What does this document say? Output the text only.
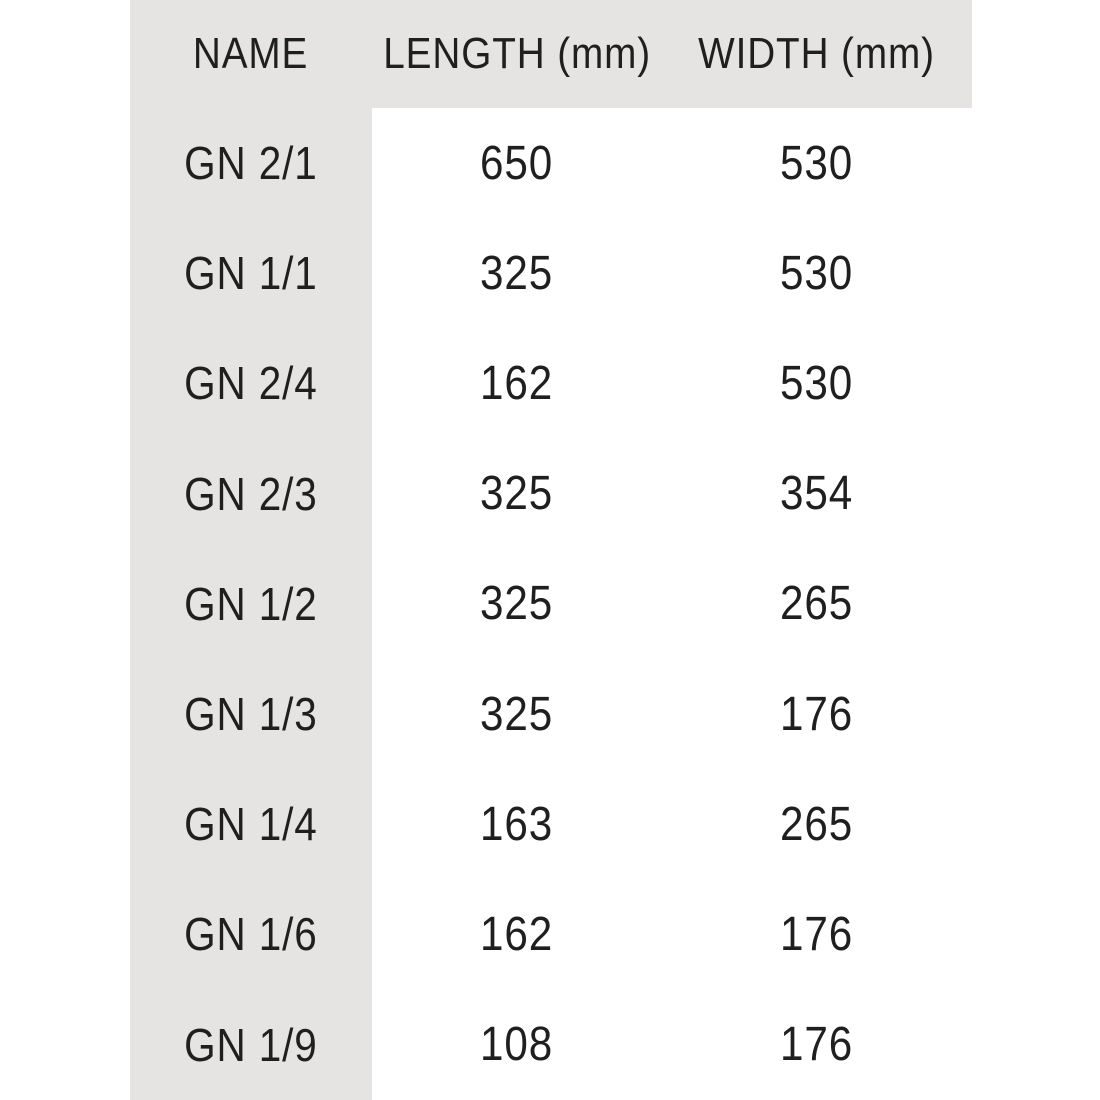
NAME LENGTH (mm) WIDTH (mm)
GN 2/1	650	530
GN 1/1	325	530
GN 2/4	162	530
GN 2/3	325	354
GN 1/2	325	265
GN 1/3	325	176
GN 1/4	163	265
GN 1/6	162	176
GN 1/9	108	176
